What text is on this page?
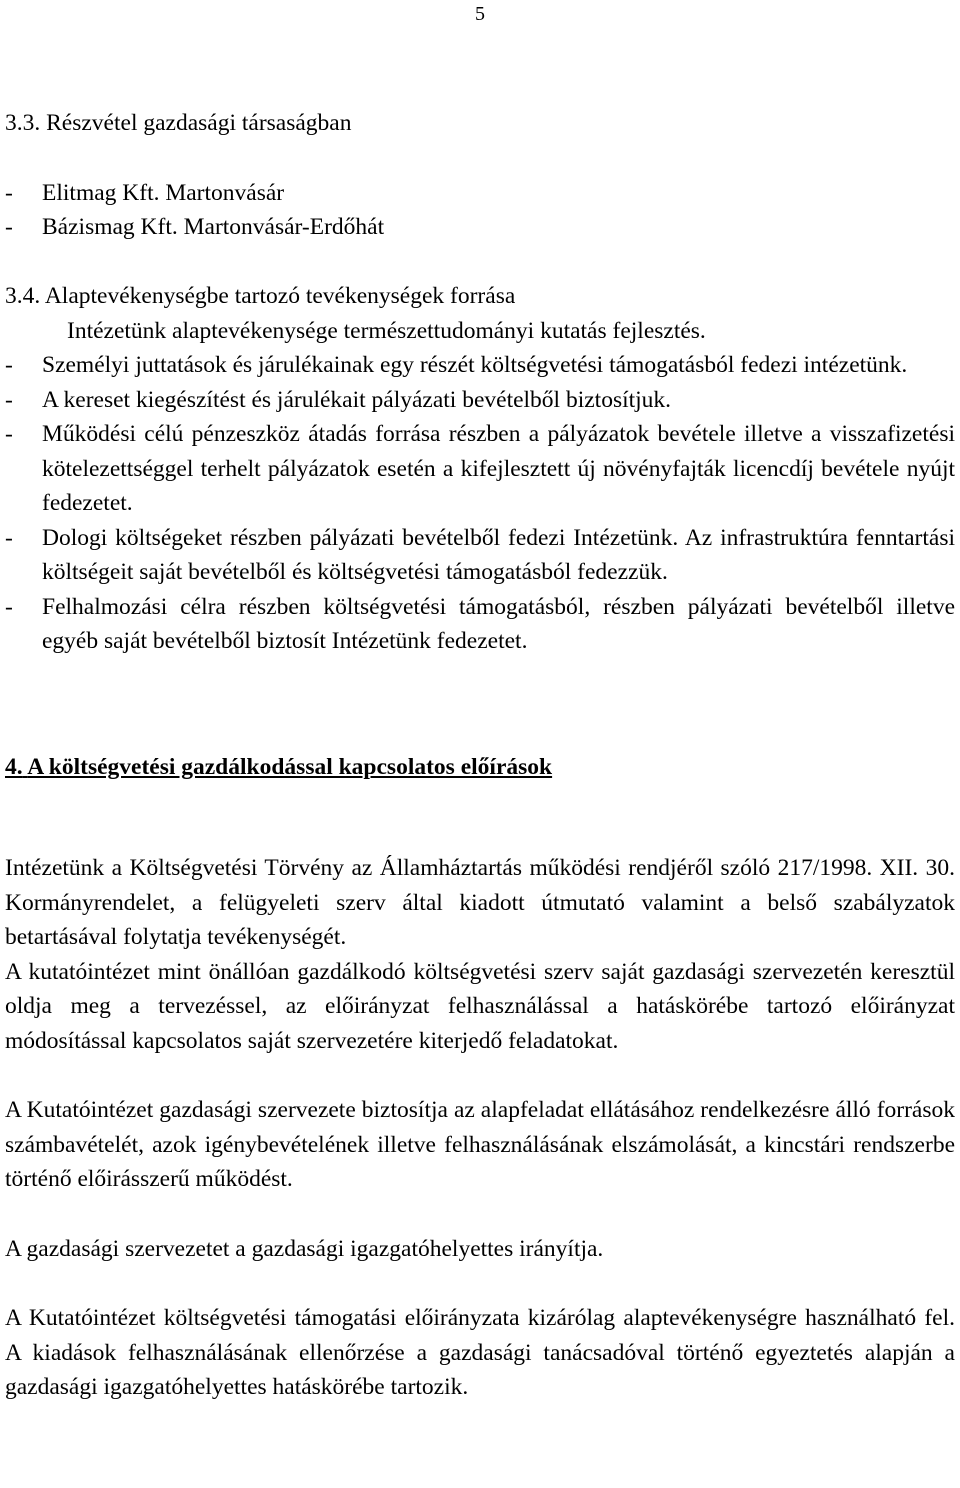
5
3.3. Részvétel gazdasági társaságban
- Elitmag Kft. Martonvásár
- Bázismag Kft. Martonvásár-Erdőhát
3.4. Alaptevékenységbe tartozó tevékenységek forrása
Intézetünk alaptevékenysége természettudományi kutatás fejlesztés.
- Személyi juttatások és járulékainak egy részét költségvetési támogatásból fedezi intézetünk.
- A kereset kiegészítést és járulékait pályázati bevételből biztosítjuk.
- Működési célú pénzeszköz átadás forrása részben a pályázatok bevétele illetve a visszafizetési kötelezettséggel terhelt pályázatok esetén a kifejlesztett új növényfajták licencdíj bevétele nyújt fedezetet.
- Dologi költségeket részben pályázati bevételből fedezi Intézetünk. Az infrastruktúra fenntartási költségeit saját bevételből és költségvetési támogatásból fedezzük.
- Felhalmozási célra részben költségvetési támogatásból, részben pályázati bevételből illetve egyéb saját bevételből biztosít Intézetünk fedezetet.
4. A költségvetési gazdálkodással kapcsolatos előírások

Intézetünk a Költségvetési Törvény az Államháztartás működési rendjéről szóló 217/1998. XII. 30. Kormányrendelet, a felügyeleti szerv által kiadott útmutató valamint a belső szabályzatok betartásával folytatja tevékenységét.

A kutatóintézet mint önállóan gazdálkodó költségvetési szerv saját gazdasági szervezetén keresztül oldja meg a tervezéssel, az előirányzat felhasználással a hatáskörébe tartozó előirányzat módosítással kapcsolatos saját szervezetére kiterjedő feladatokat.

A Kutatóintézet gazdasági szervezete biztosítja az alapfeladat ellátásához rendelkezésre álló források számbavételét, azok igénybevételének illetve felhasználásának elszámolását, a kincstári rendszerbe történő előirásszerű működést.

A gazdasági szervezetet a gazdasági igazgatóhelyettes irányítja.

A Kutatóintézet költségvetési támogatási előirányzata kizárólag alaptevékenységre használható fel. A kiadások felhasználásának ellenőrzése a gazdasági tanácsadóval történő egyeztetés alapján a gazdasági igazgatóhelyettes hatáskörébe tartozik.
